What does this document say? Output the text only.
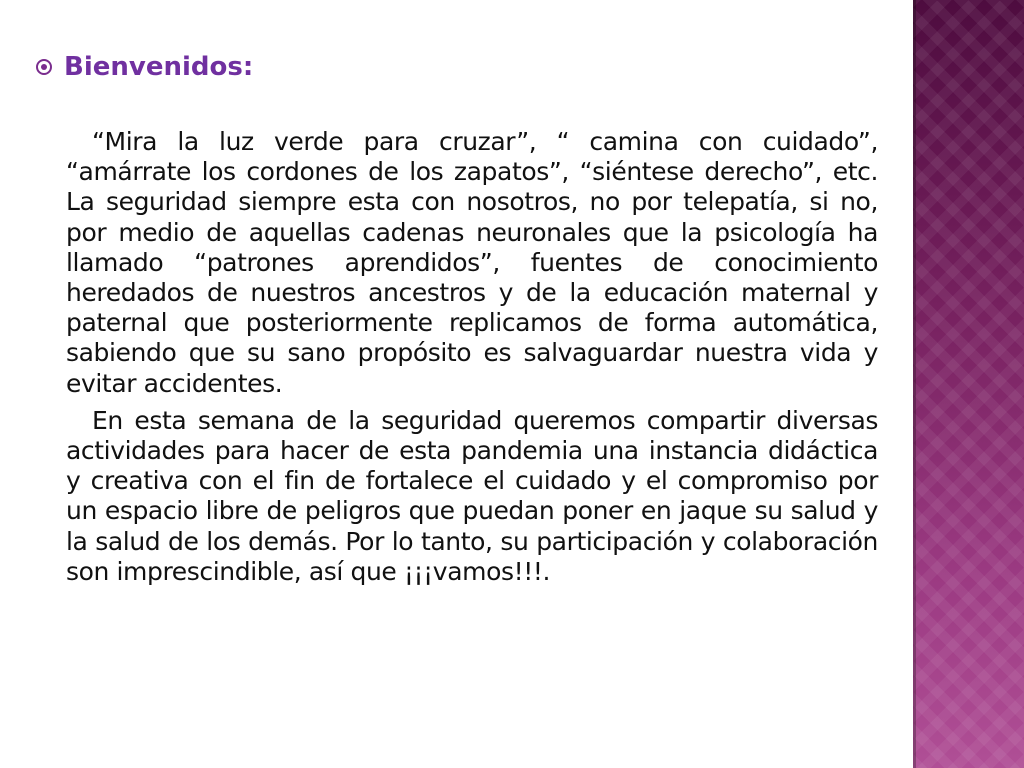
Bienvenidos:

“Mira la luz verde para cruzar”, “ camina con cuidado”, “amárrate los cordones de los zapatos”, “siéntese derecho”, etc. La seguridad siempre esta con nosotros, no por telepatía, si no, por medio de aquellas cadenas neuronales que la psicología ha llamado “patrones aprendidos”, fuentes de conocimiento heredados de nuestros ancestros y de la educación maternal y paternal que posteriormente replicamos de forma automática, sabiendo que su sano propósito es salvaguardar nuestra vida y evitar accidentes.

En esta semana de la seguridad queremos compartir diversas actividades para hacer de esta pandemia una instancia didáctica y creativa con el fin de fortalece el cuidado y el compromiso por un espacio libre de peligros que puedan poner en jaque su salud y la salud de los demás. Por lo tanto, su participación y colaboración son imprescindible, así que ¡¡¡vamos!!!.
